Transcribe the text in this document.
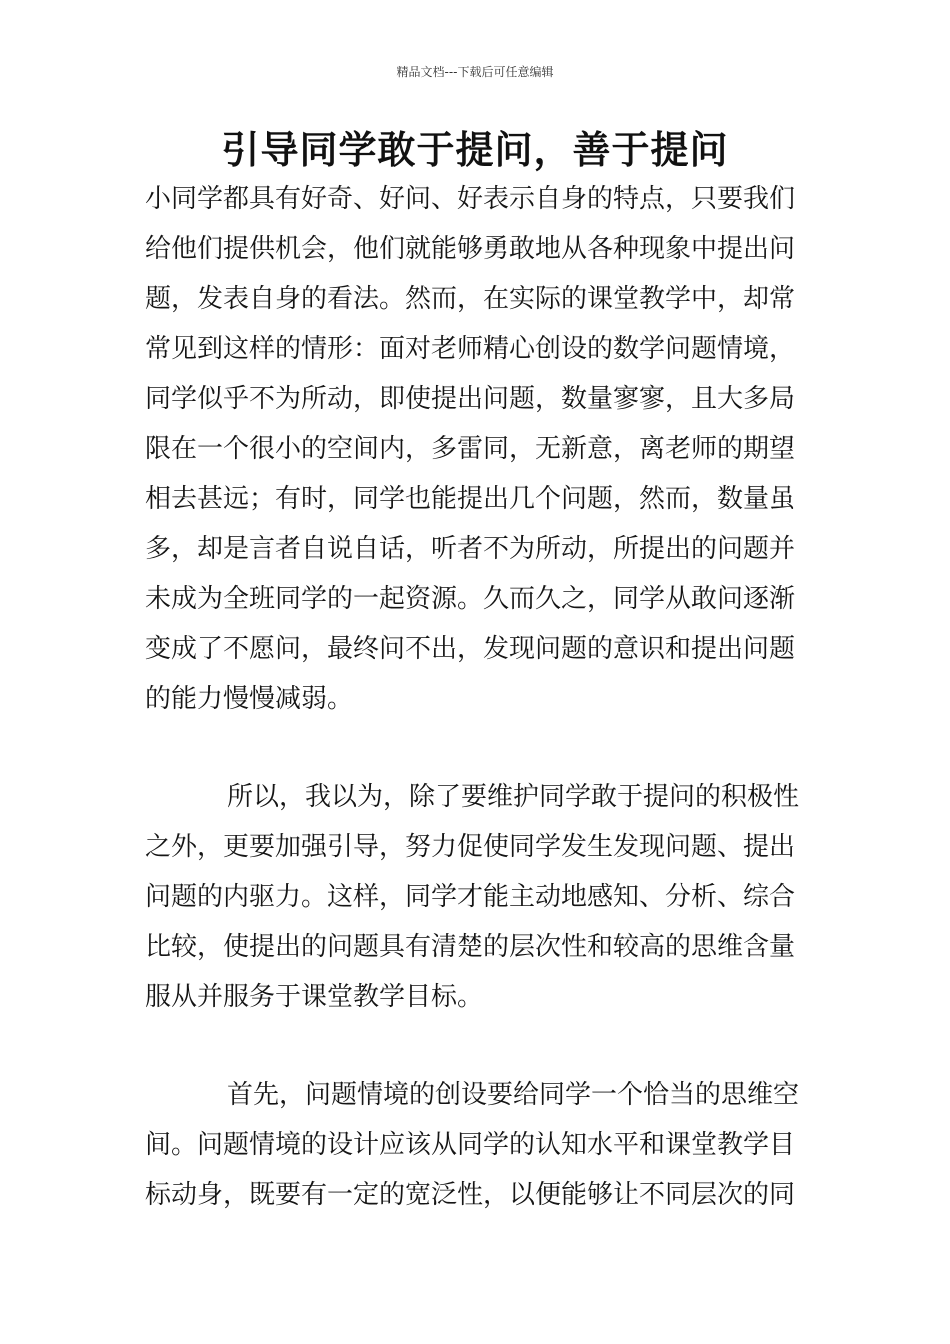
精品文档---下载后可任意编辑
引导同学敢于提问，善于提问
小同学都具有好奇、好问、好表示自身的特点，只要我们
给他们提供机会，他们就能够勇敢地从各种现象中提出问
题，发表自身的看法。然而，在实际的课堂教学中，却常
常见到这样的情形：面对老师精心创设的数学问题情境，
同学似乎不为所动，即使提出问题，数量寥寥，且大多局
限在一个很小的空间内，多雷同，无新意，离老师的期望
相去甚远；有时，同学也能提出几个问题，然而，数量虽
多，却是言者自说自话，听者不为所动，所提出的问题并
未成为全班同学的一起资源。久而久之，同学从敢问逐渐
变成了不愿问，最终问不出，发现问题的意识和提出问题
的能力慢慢减弱。
所以，我以为，除了要维护同学敢于提问的积极性
之外，更要加强引导，努力促使同学发生发现问题、提出
问题的内驱力。这样，同学才能主动地感知、分析、综合
比较，使提出的问题具有清楚的层次性和较高的思维含量
服从并服务于课堂教学目标。
首先，问题情境的创设要给同学一个恰当的思维空
间。问题情境的设计应该从同学的认知水平和课堂教学目
标动身，既要有一定的宽泛性，以便能够让不同层次的同
